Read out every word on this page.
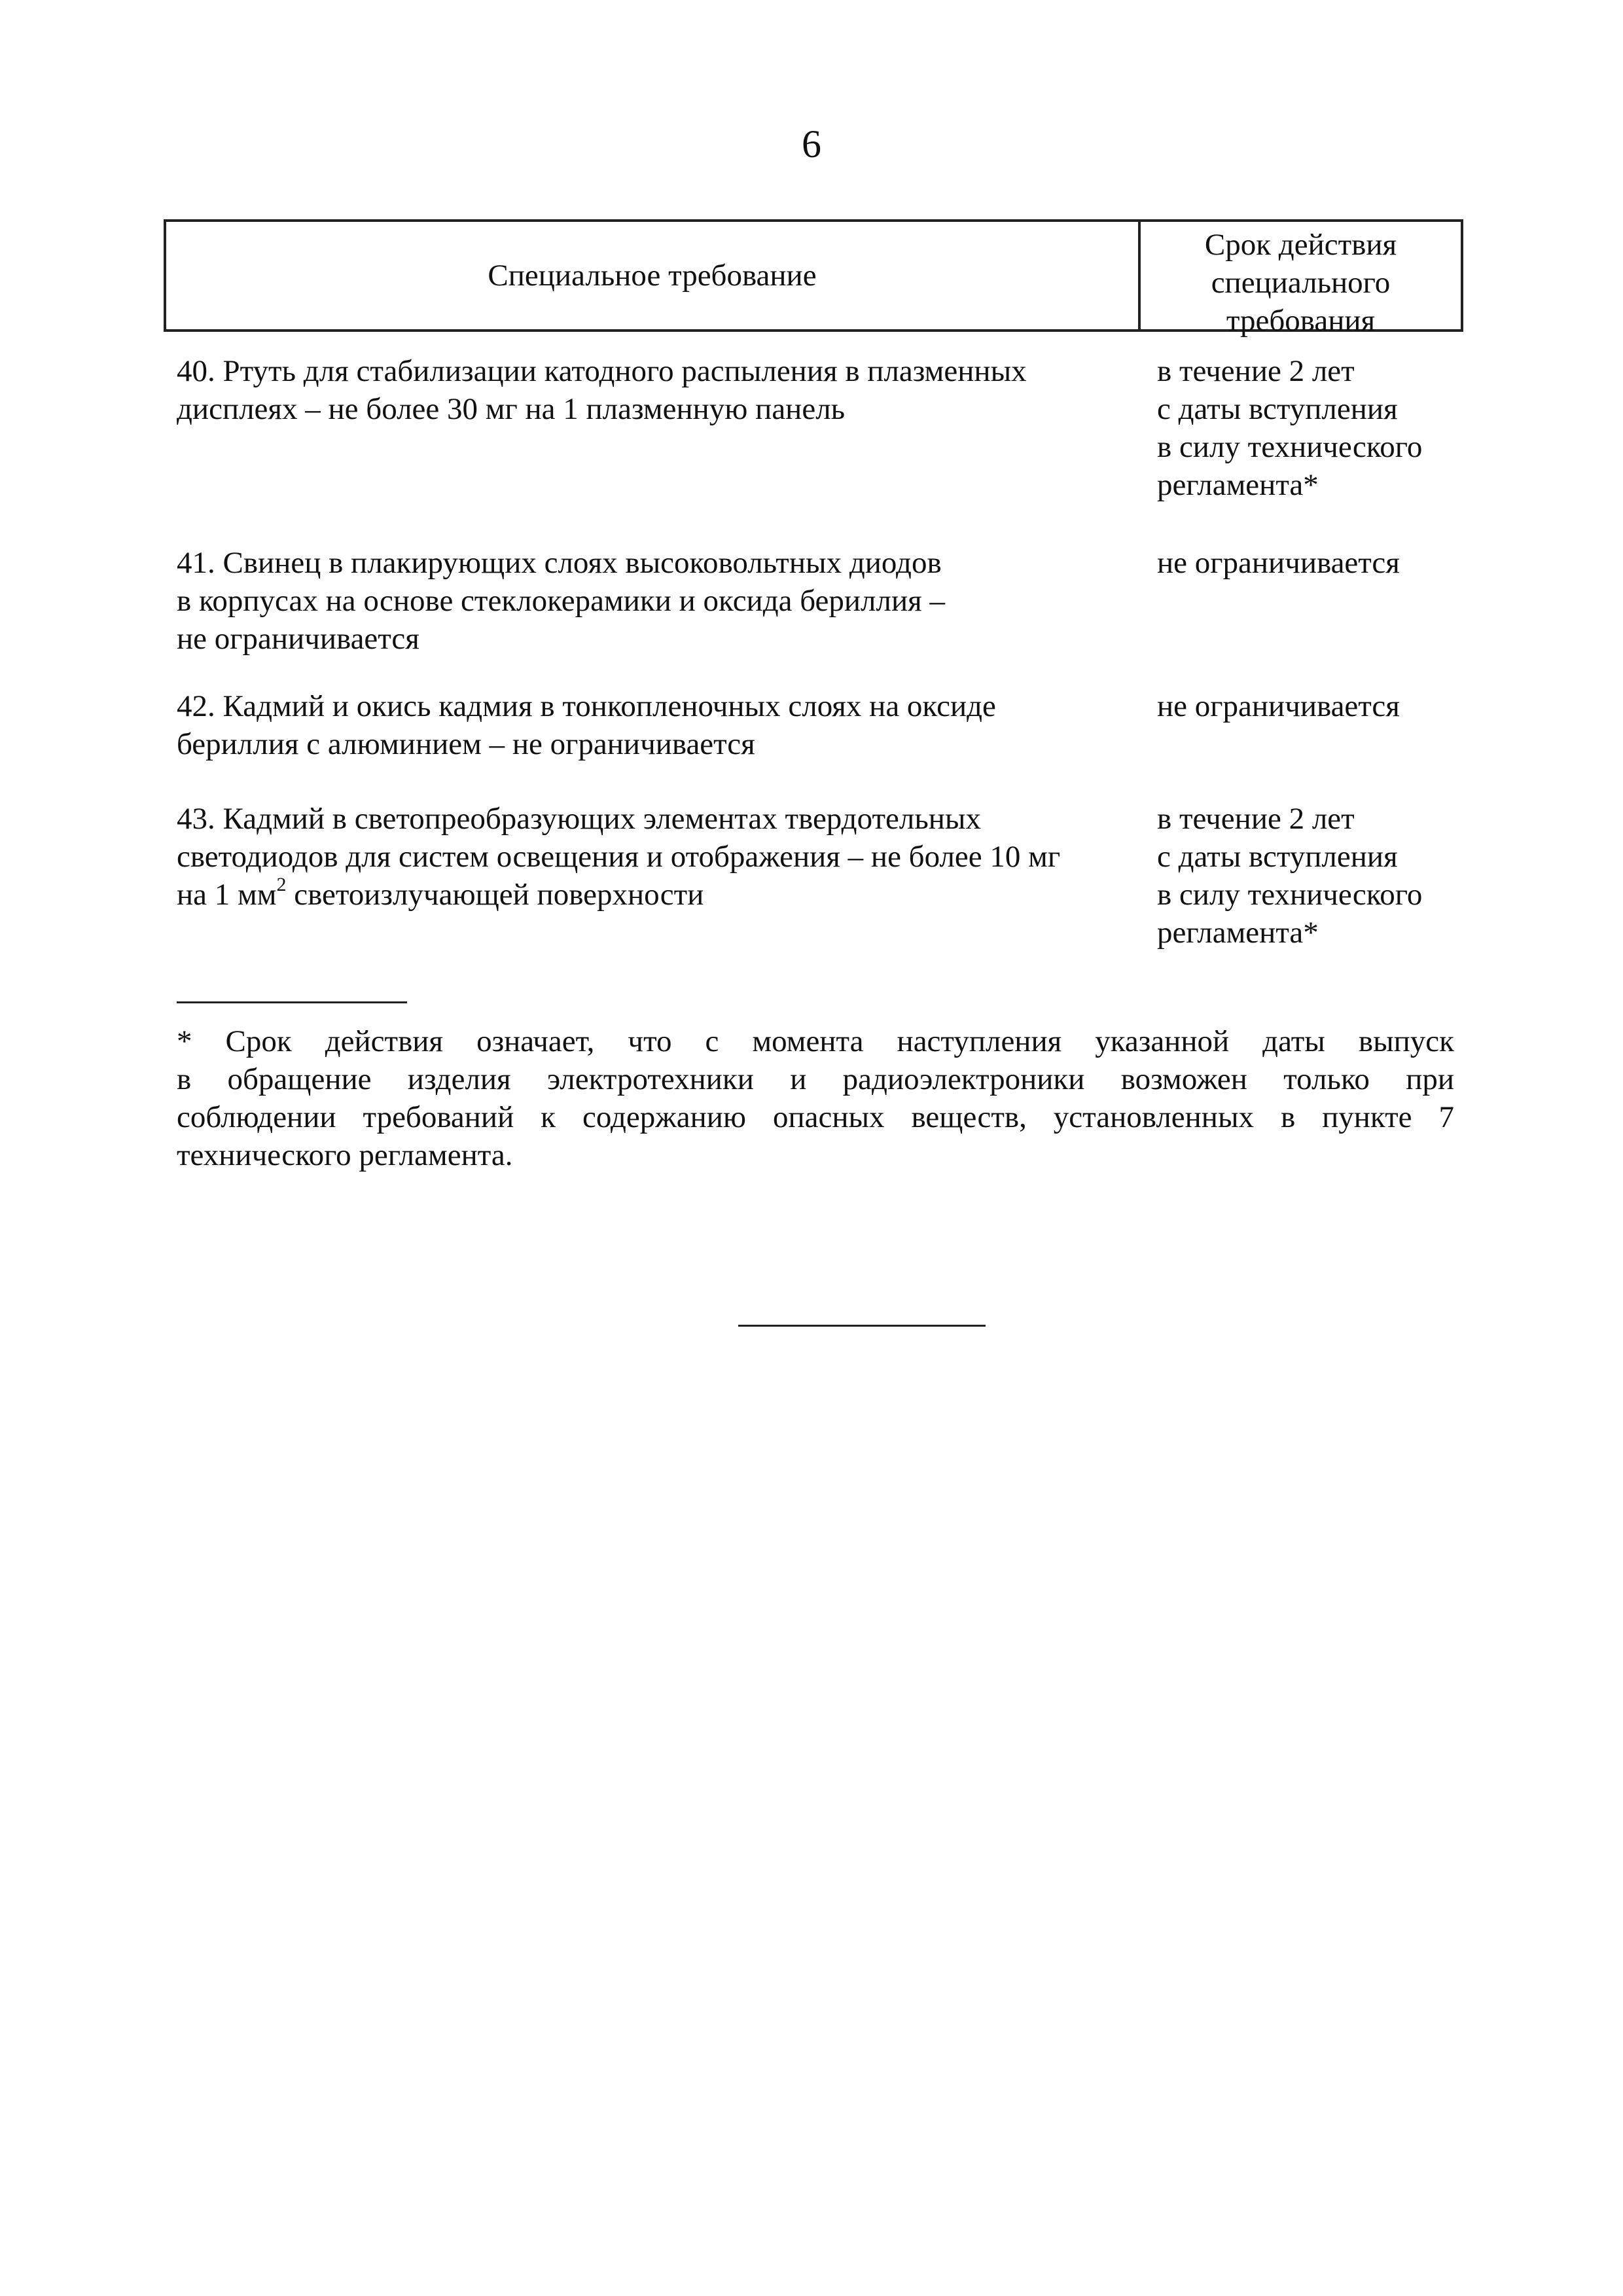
6
Специальное требование
Срок действия
специального
требования
40. Ртуть для стабилизации катодного распыления в плазменных
дисплеях – не более 30 мг на 1 плазменную панель
в течение 2 лет
с даты вступления
в силу технического
регламента*
41. Свинец в плакирующих слоях высоковольтных диодов
в корпусах на основе стеклокерамики и оксида бериллия –
не ограничивается
не ограничивается
42. Кадмий и окись кадмия в тонкопленочных слоях на оксиде
бериллия с алюминием – не ограничивается
не ограничивается
43. Кадмий в светопреобразующих элементах твердотельных
светодиодов для систем освещения и отображения – не более 10 мг
на 1 $мм^2$ светоизлучающей поверхности
в течение 2 лет
с даты вступления
в силу технического
регламента*
* Срок действия означает, что с момента наступления указанной даты выпуск
в обращение изделия электротехники и радиоэлектроники возможен только при
соблюдении требований к содержанию опасных веществ, установленных в пункте 7
технического регламента.
